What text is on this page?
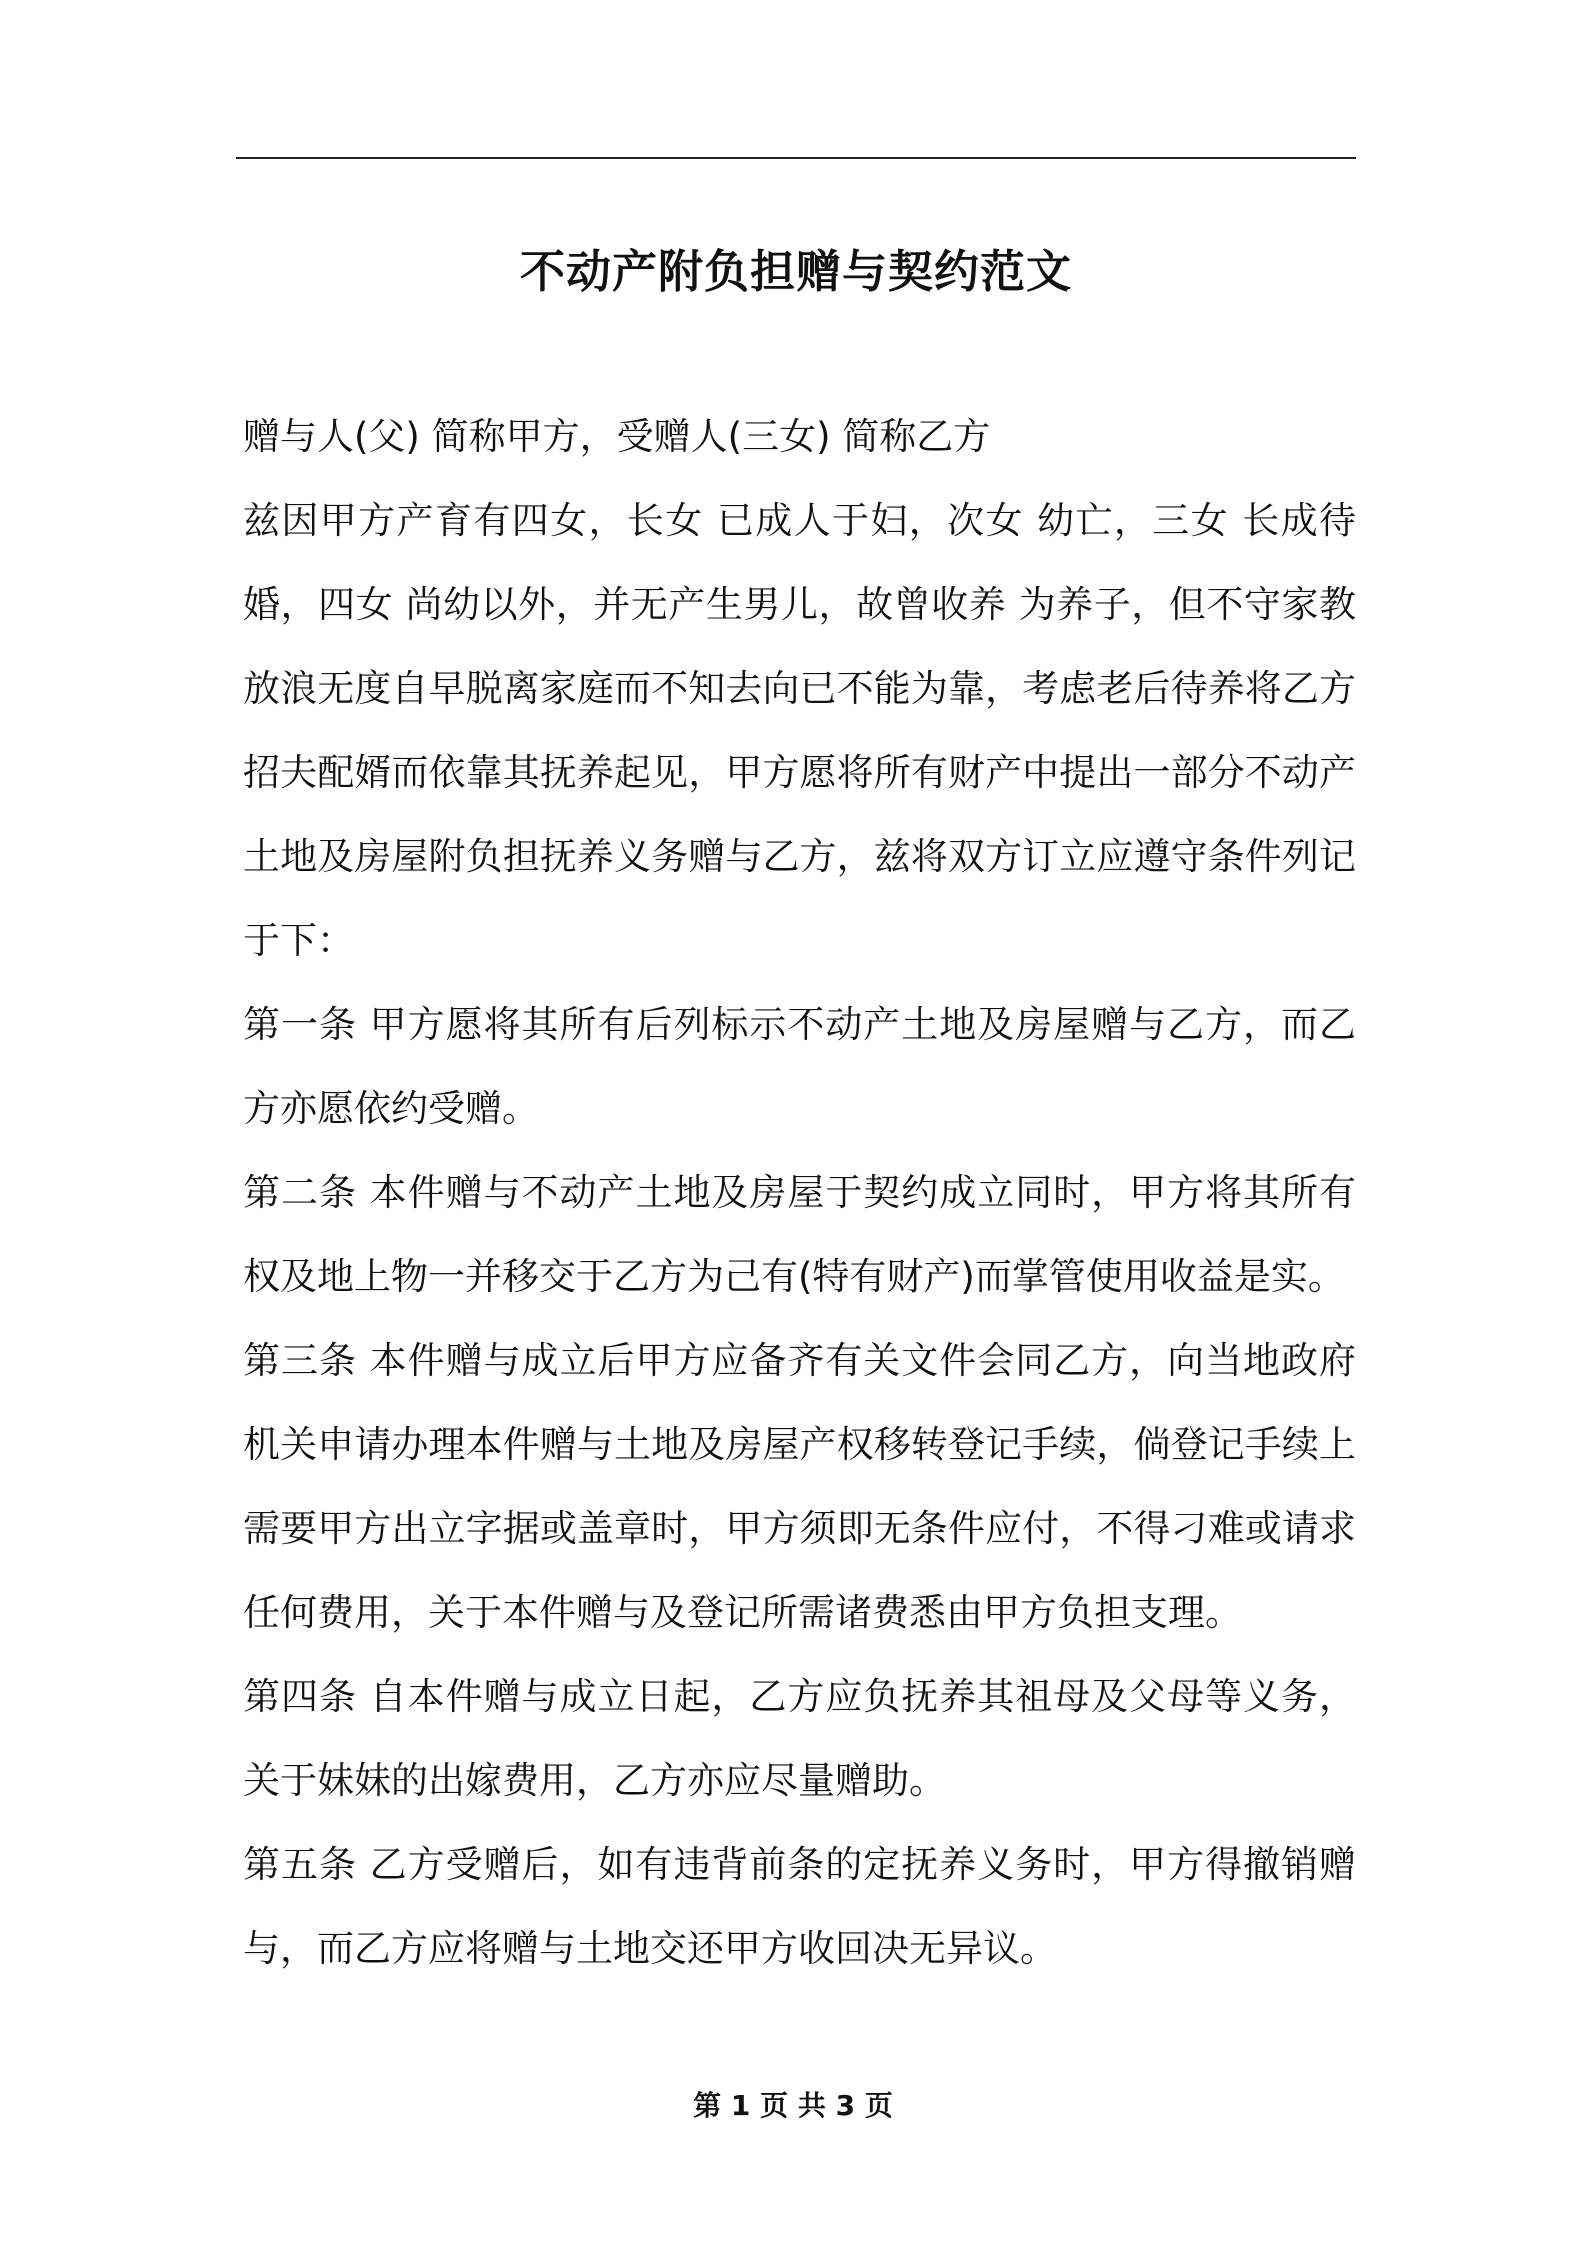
不动产附负担赠与契约范文

赠与人(父) 简称甲方，受赠人(三女) 简称乙方

兹因甲方产育有四女，长女 已成人于妇，次女 幼亡，三女 长成待
婚，四女 尚幼以外，并无产生男儿，故曾收养 为养子，但不守家教
放浪无度自早脱离家庭而不知去向已不能为靠，考虑老后待养将乙方
招夫配婿而依靠其抚养起见，甲方愿将所有财产中提出一部分不动产
土地及房屋附负担抚养义务赠与乙方，兹将双方订立应遵守条件列记
于下：

第一条 甲方愿将其所有后列标示不动产土地及房屋赠与乙方，而乙
方亦愿依约受赠。

第二条 本件赠与不动产土地及房屋于契约成立同时，甲方将其所有
权及地上物一并移交于乙方为己有(特有财产)而掌管使用收益是实。

第三条 本件赠与成立后甲方应备齐有关文件会同乙方，向当地政府
机关申请办理本件赠与土地及房屋产权移转登记手续，倘登记手续上
需要甲方出立字据或盖章时，甲方须即无条件应付，不得刁难或请求
任何费用，关于本件赠与及登记所需诸费悉由甲方负担支理。

第四条 自本件赠与成立日起，乙方应负抚养其祖母及父母等义务，
关于妹妹的出嫁费用，乙方亦应尽量赠助。

第五条 乙方受赠后，如有违背前条的定抚养义务时，甲方得撤销赠
与，而乙方应将赠与土地交还甲方收回决无异议。

第 1 页 共 3 页
